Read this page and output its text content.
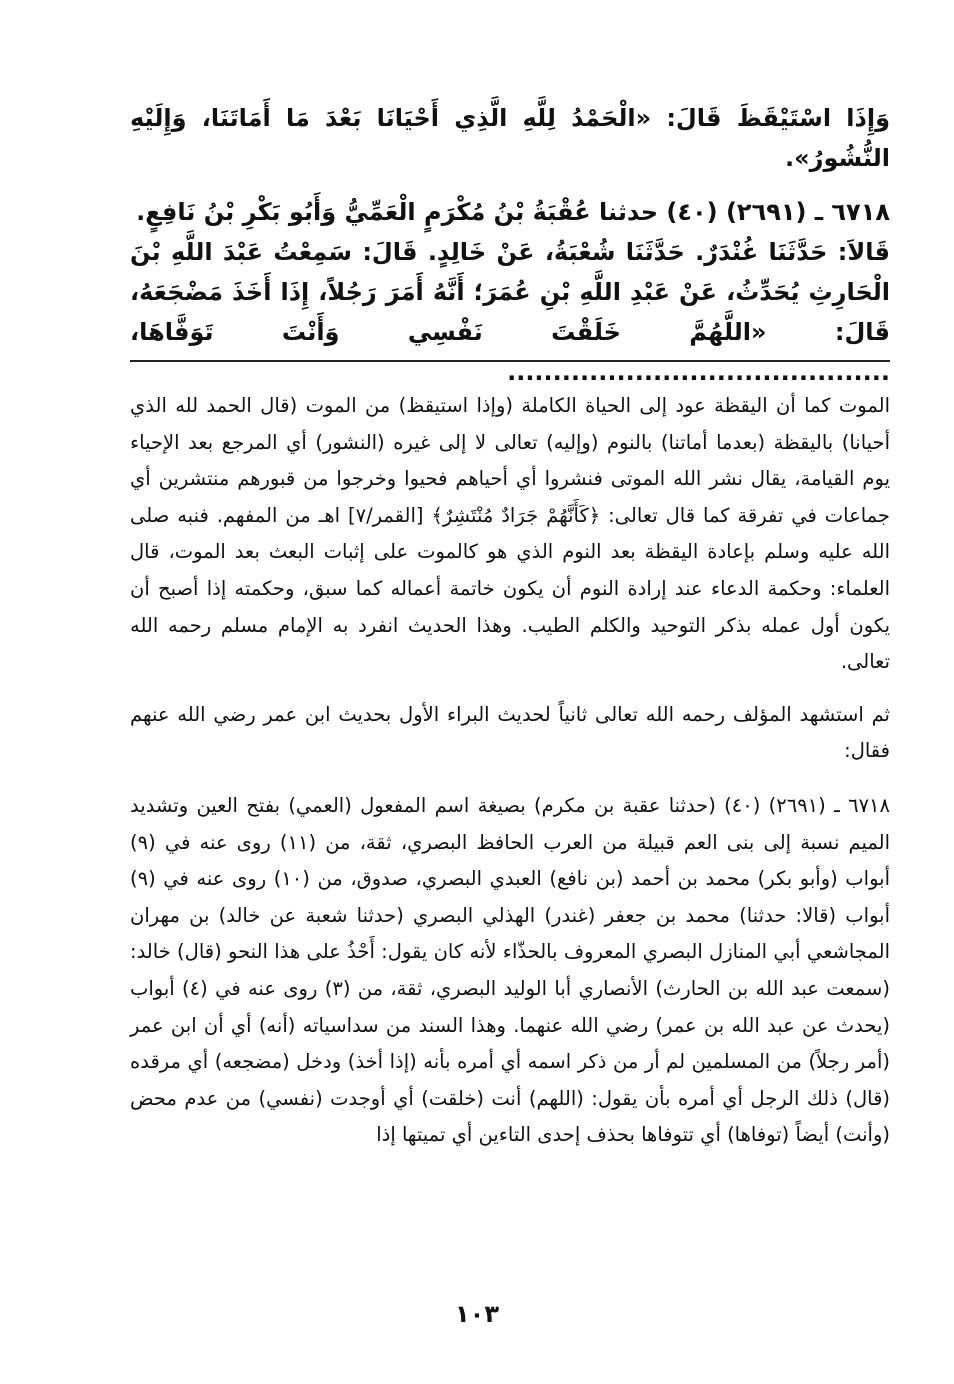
وَإِذَا اسْتَيْقَظَ قَالَ: «الْحَمْدُ لِلَّهِ الَّذِي أَحْيَانَا بَعْدَ مَا أَمَاتَنَا، وَإِلَيْهِ النُّشُورُ».

٦٧١٨ ـ (٢٦٩١) (٤٠) حدثنا عُقْبَةُ بْنُ مُكْرَمٍ الْعَمِّيُّ وَأَبُو بَكْرِ بْنُ نَافِعٍ.

قَالاَ: حَدَّثَنَا غُنْدَرٌ. حَدَّثَنَا شُعْبَةُ، عَنْ خَالِدٍ. قَالَ: سَمِعْتُ عَبْدَ اللَّهِ بْنَ الْحَارِثِ يُحَدِّثُ، عَنْ عَبْدِ اللَّهِ بْنِ عُمَرَ؛ أَنَّهُ أَمَرَ رَجُلاً، إِذَا أَخَذَ مَضْجَعَهُ، قَالَ: «اللَّهُمَّ خَلَقْتَ نَفْسِي وَأَنْتَ تَوَفَّاهَا، ..........................................

الموت كما أن اليقظة عود إلى الحياة الكاملة (وإذا استيقظ) من الموت (قال الحمد لله الذي أحيانا) باليقظة (بعدما أماتنا) بالنوم (وإليه) تعالى لا إلى غيره (النشور) أي المرجع بعد الإحياء يوم القيامة، يقال نشر الله الموتى فنشروا أي أحياهم فحيوا وخرجوا من قبورهم منتشرين أي جماعات في تفرقة كما قال تعالى: ﴿كَأَنَّهُمْ جَرَادٌ مُنْتَشِرٌ﴾ [القمر/٧] اهـ من المفهم. فنبه صلى الله عليه وسلم بإعادة اليقظة بعد النوم الذي هو كالموت على إثبات البعث بعد الموت، قال العلماء: وحكمة الدعاء عند إرادة النوم أن يكون خاتمة أعماله كما سبق، وحكمته إذا أصبح أن يكون أول عمله بذكر التوحيد والكلم الطيب. وهذا الحديث انفرد به الإمام مسلم رحمه الله تعالى.

ثم استشهد المؤلف رحمه الله تعالى ثانياً لحديث البراء الأول بحديث ابن عمر رضي الله عنهم فقال:

٦٧١٨ ـ (٢٦٩١) (٤٠) (حدثنا عقبة بن مكرم) بصيغة اسم المفعول (العمي) بفتح العين وتشديد الميم نسبة إلى بنى العم قبيلة من العرب الحافظ البصري، ثقة، من (١١) روى عنه في (٩) أبواب (وأبو بكر) محمد بن أحمد (بن نافع) العبدي البصري، صدوق، من (١٠) روى عنه في (٩) أبواب (قالا: حدثنا) محمد بن جعفر (غندر) الهذلي البصري (حدثنا شعبة عن خالد) بن مهران المجاشعي أبي المنازل البصري المعروف بالحذّاء لأنه كان يقول: أَحْذُ على هذا النحو (قال) خالد: (سمعت عبد الله بن الحارث) الأنصاري أبا الوليد البصري، ثقة، من (٣) روى عنه في (٤) أبواب (يحدث عن عبد الله بن عمر) رضي الله عنهما. وهذا السند من سداسياته (أنه) أي أن ابن عمر (أمر رجلاً) من المسلمين لم أر من ذكر اسمه أي أمره بأنه (إذا أخذ) ودخل (مضجعه) أي مرقده (قال) ذلك الرجل أي أمره بأن يقول: (اللهم) أنت (خلقت) أي أوجدت (نفسي) من عدم محض (وأنت) أيضاً (توفاها) أي تتوفاها بحذف إحدى التاءين أي تميتها إذا

١٠٣
